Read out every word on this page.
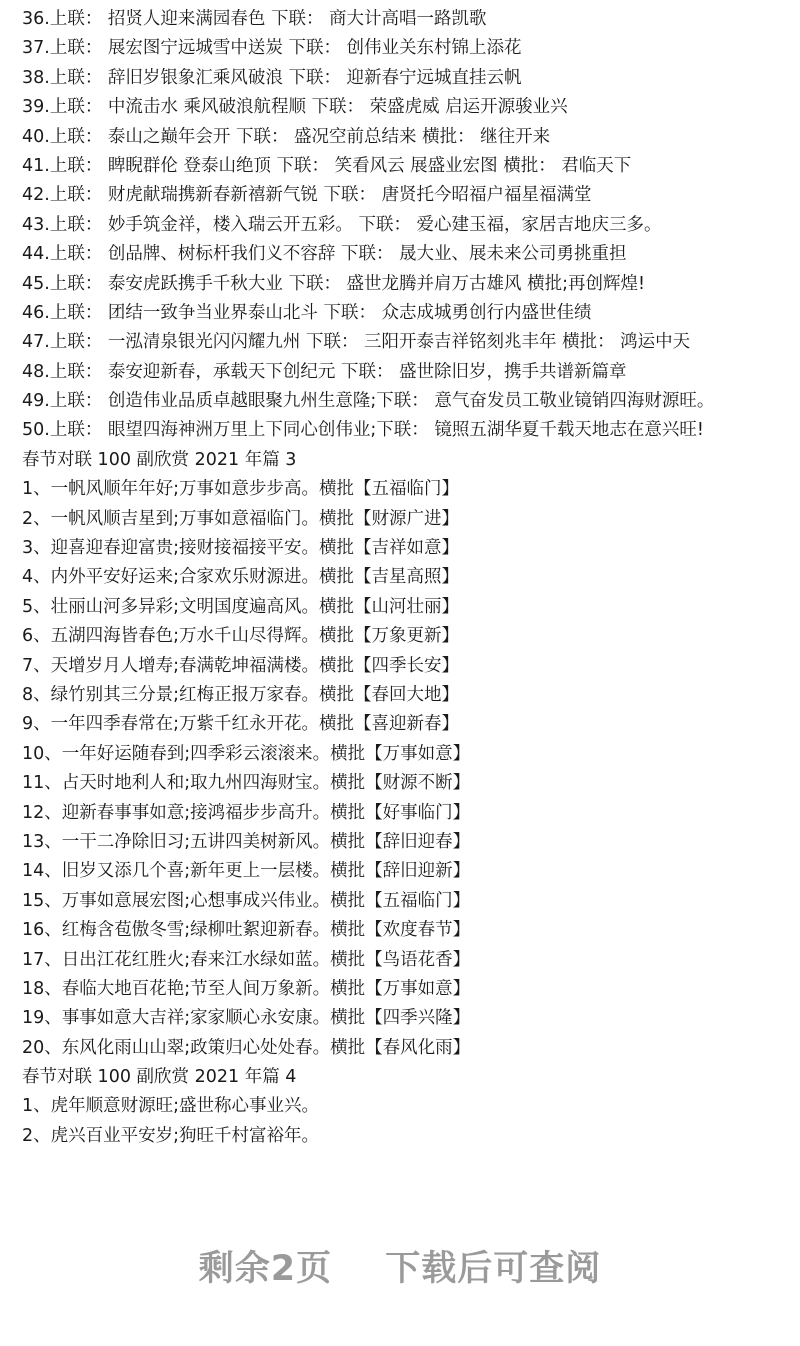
36.上联： 招贤人迎来满园春色 下联： 商大计高唱一路凯歌
37.上联： 展宏图宁远城雪中送炭 下联： 创伟业关东村锦上添花
38.上联： 辞旧岁银象汇乘风破浪 下联： 迎新春宁远城直挂云帆
39.上联： 中流击水 乘风破浪航程顺 下联： 荣盛虎威 启运开源骏业兴
40.上联： 泰山之巅年会开 下联： 盛况空前总结来 横批： 继往开来
41.上联： 睥睨群伦 登泰山绝顶 下联： 笑看风云 展盛业宏图 横批： 君临天下
42.上联： 财虎献瑞携新春新禧新气锐 下联： 唐贤托今昭福户福星福满堂
43.上联： 妙手筑金祥，楼入瑞云开五彩。 下联： 爱心建玉福，家居吉地庆三多。
44.上联： 创品牌、树标杆我们义不容辞 下联： 晟大业、展未来公司勇挑重担
45.上联： 泰安虎跃携手千秋大业 下联： 盛世龙腾并肩万古雄风 横批;再创辉煌!
46.上联： 团结一致争当业界泰山北斗 下联： 众志成城勇创行内盛世佳绩
47.上联： 一泓清泉银光闪闪耀九州 下联： 三阳开泰吉祥铭刻兆丰年 横批： 鸿运中天
48.上联： 泰安迎新春，承载天下创纪元 下联： 盛世除旧岁，携手共谱新篇章
49.上联： 创造伟业品质卓越眼聚九州生意隆;下联： 意气奋发员工敬业镜销四海财源旺。
50.上联： 眼望四海神洲万里上下同心创伟业;下联： 镜照五湖华夏千载天地志在意兴旺!
春节对联 100 副欣赏 2021 年篇 3
1、一帆风顺年年好;万事如意步步高。横批【五福临门】
2、一帆风顺吉星到;万事如意福临门。横批【财源广进】
3、迎喜迎春迎富贵;接财接福接平安。横批【吉祥如意】
4、内外平安好运来;合家欢乐财源进。横批【吉星高照】
5、壮丽山河多异彩;文明国度遍高风。横批【山河壮丽】
6、五湖四海皆春色;万水千山尽得辉。横批【万象更新】
7、天增岁月人增寿;春满乾坤福满楼。横批【四季长安】
8、绿竹别其三分景;红梅正报万家春。横批【春回大地】
9、一年四季春常在;万紫千红永开花。横批【喜迎新春】
10、一年好运随春到;四季彩云滚滚来。横批【万事如意】
11、占天时地利人和;取九州四海财宝。横批【财源不断】
12、迎新春事事如意;接鸿福步步高升。横批【好事临门】
13、一干二净除旧习;五讲四美树新风。横批【辞旧迎春】
14、旧岁又添几个喜;新年更上一层楼。横批【辞旧迎新】
15、万事如意展宏图;心想事成兴伟业。横批【五福临门】
16、红梅含苞傲冬雪;绿柳吐絮迎新春。横批【欢度春节】
17、日出江花红胜火;春来江水绿如蓝。横批【鸟语花香】
18、春临大地百花艳;节至人间万象新。横批【万事如意】
19、事事如意大吉祥;家家顺心永安康。横批【四季兴隆】
20、东风化雨山山翠;政策归心处处春。横批【春风化雨】
春节对联 100 副欣赏 2021 年篇 4
1、虎年顺意财源旺;盛世称心事业兴。
2、虎兴百业平安岁;狗旺千村富裕年。
剩余2页 下载后可查阅
